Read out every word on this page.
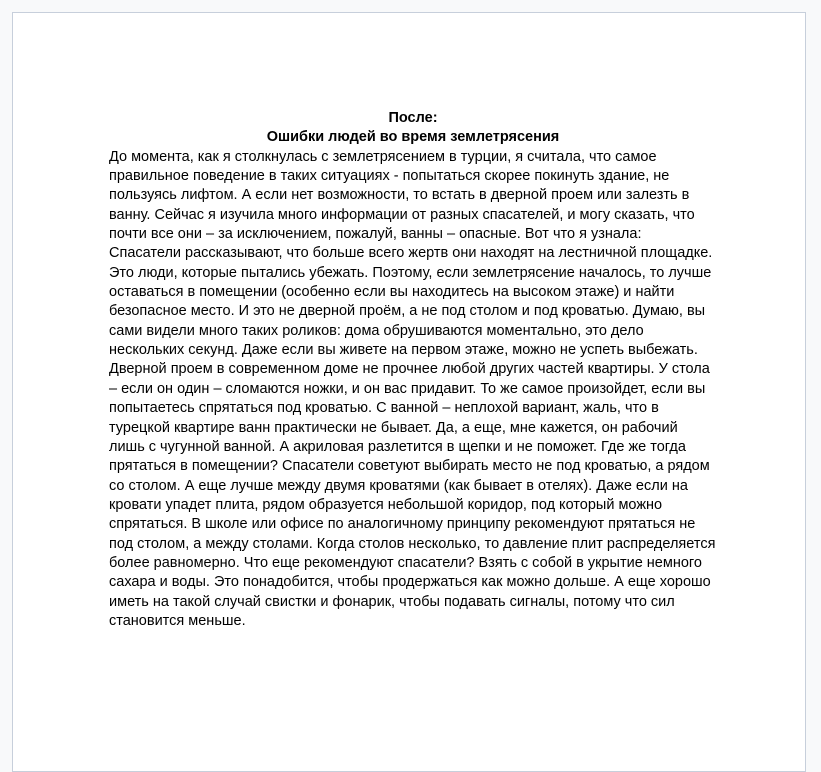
После:

Ошибки людей во время землетрясения

До момента, как я столкнулась с землетрясением в турции, я считала, что самое правильное поведение в таких ситуациях - попытаться скорее покинуть здание, не пользуясь лифтом. А если нет возможности, то встать в дверной проем или залезть в ванну. Сейчас я изучила много информации от разных спасателей, и могу сказать, что почти все они – за исключением, пожалуй, ванны – опасные. Вот что я узнала: Спасатели рассказывают, что больше всего жертв они находят на лестничной площадке. Это люди, которые пытались убежать. Поэтому, если землетрясение началось, то лучше оставаться в помещении (особенно если вы находитесь на высоком этаже) и найти безопасное место. И это не дверной проём, а не под столом и под кроватью. Думаю, вы сами видели много таких роликов: дома обрушиваются моментально, это дело нескольких секунд. Даже если вы живете на первом этаже, можно не успеть выбежать. Дверной проем в современном доме не прочнее любой других частей квартиры. У стола – если он один – сломаются ножки, и он вас придавит. То же самое произойдет, если вы попытаетесь спрятаться под кроватью. С ванной – неплохой вариант, жаль, что в турецкой квартире ванн практически не бывает. Да, а еще, мне кажется, он рабочий лишь с чугунной ванной. А акриловая разлетится в щепки и не поможет. Где же тогда прятаться в помещении? Спасатели советуют выбирать место не под кроватью, а рядом со столом. А еще лучше между двумя кроватями (как бывает в отелях). Даже если на кровати упадет плита, рядом образуется небольшой коридор, под который можно спрятаться. В школе или офисе по аналогичному принципу рекомендуют прятаться не под столом, а между столами. Когда столов несколько, то давление плит распределяется более равномерно. Что еще рекомендуют спасатели? Взять с собой в укрытие немного сахара и воды. Это понадобится, чтобы продержаться как можно дольше. А еще хорошо иметь на такой случай свистки и фонарик, чтобы подавать сигналы, потому что сил становится меньше.
